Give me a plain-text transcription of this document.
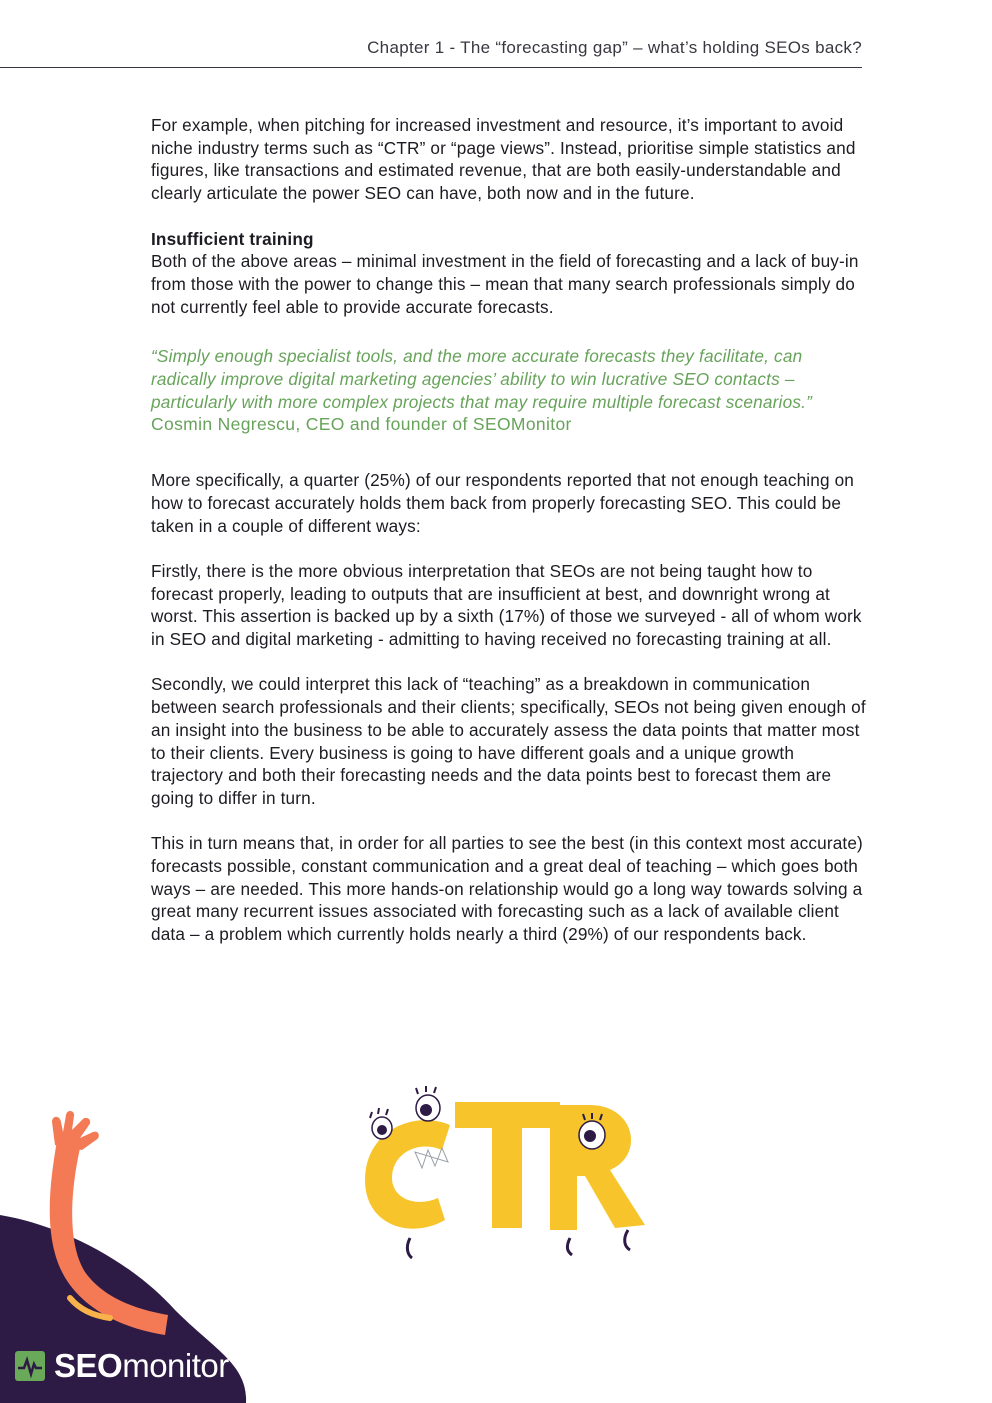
Chapter 1 - The “forecasting gap” – what’s holding SEOs back?

For example, when pitching for increased investment and resource, it’s important to avoid niche industry terms such as “CTR” or “page views”. Instead, prioritise simple statistics and figures, like transactions and estimated revenue, that are both easily-understandable and clearly articulate the power SEO can have, both now and in the future.

Insufficient training

Both of the above areas – minimal investment in the field of forecasting and a lack of buy-in from those with the power to change this – mean that many search professionals simply do not currently feel able to provide accurate forecasts.

“Simply enough specialist tools, and the more accurate forecasts they facilitate, can radically improve digital marketing agencies’ ability to win lucrative SEO contacts – particularly with more complex projects that may require multiple forecast scenarios.”

Cosmin Negrescu, CEO and founder of SEOMonitor

More specifically, a quarter (25%) of our respondents reported that not enough teaching on how to forecast accurately holds them back from properly forecasting SEO. This could be taken in a couple of different ways:

Firstly, there is the more obvious interpretation that SEOs are not being taught how to forecast properly, leading to outputs that are insufficient at best, and downright wrong at worst. This assertion is backed up by a sixth (17%) of those we surveyed - all of whom work in SEO and digital marketing - admitting to having received no forecasting training at all.

Secondly, we could interpret this lack of “teaching” as a breakdown in communication between search professionals and their clients; specifically, SEOs not being given enough of an insight into the business to be able to accurately assess the data points that matter most to their clients. Every business is going to have different goals and a unique growth trajectory and both their forecasting needs and the data points best to forecast them are going to differ in turn.

This in turn means that, in order for all parties to see the best (in this context most accurate) forecasts possible, constant communication and a great deal of teaching – which goes both ways – are needed. This more hands-on relationship would go a long way towards solving a great many recurrent issues associated with forecasting such as a lack of available client data – a problem which currently holds nearly a third (29%) of our respondents back.

SEOmonitor
